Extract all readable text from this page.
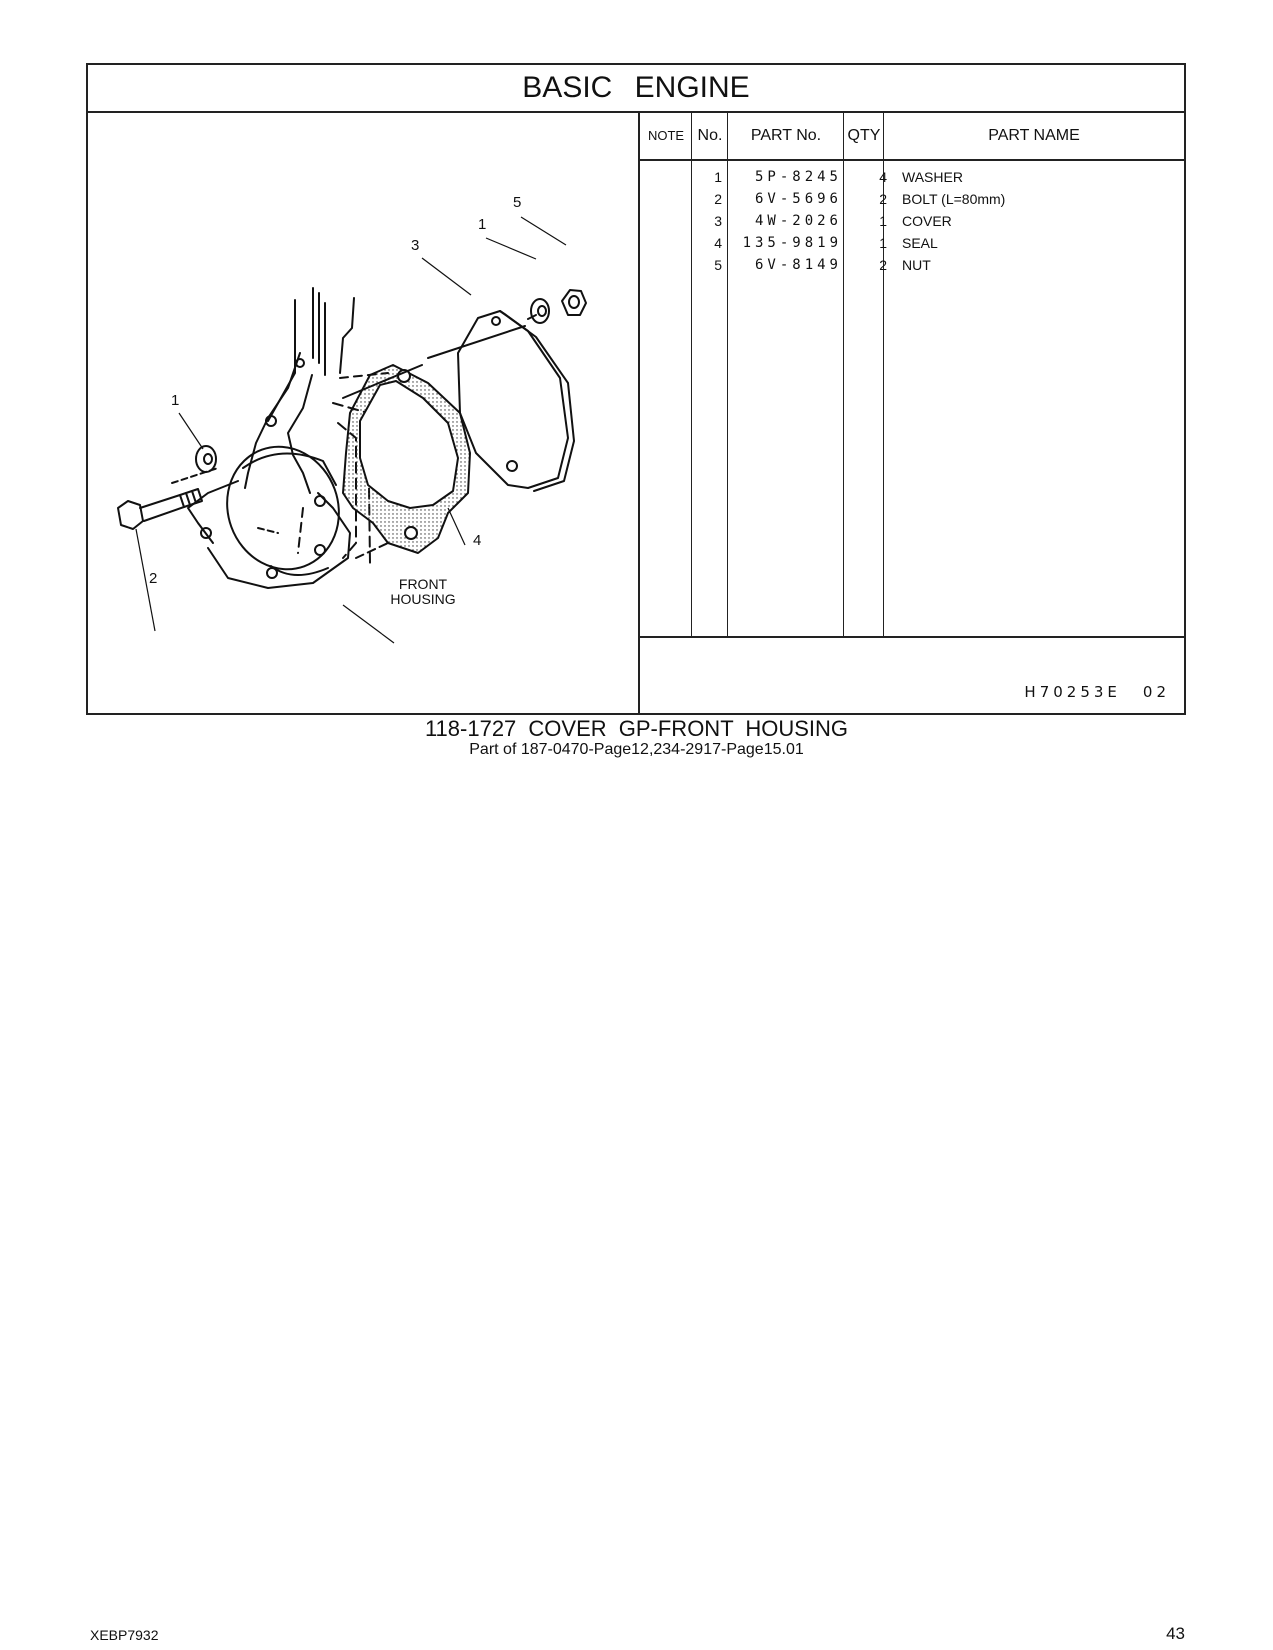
BASIC ENGINE
5
1
3
1
4
2	FRONT
HOUSING
NOTE No.	PART No.	QTY	PART NAME
1	5P-8245	4 WASHER
2	6V-5696	2 BOLT (L=80mm)
3	4W-2026	1 COVER
4	135-9819	1 SEAL
5	6V-8149	2 NUT
H70253E 02
118-1727 COVER GP-FRONT HOUSING
Part of 187-0470-Page12,234-2917-Page15.01
XEBP7932	43
